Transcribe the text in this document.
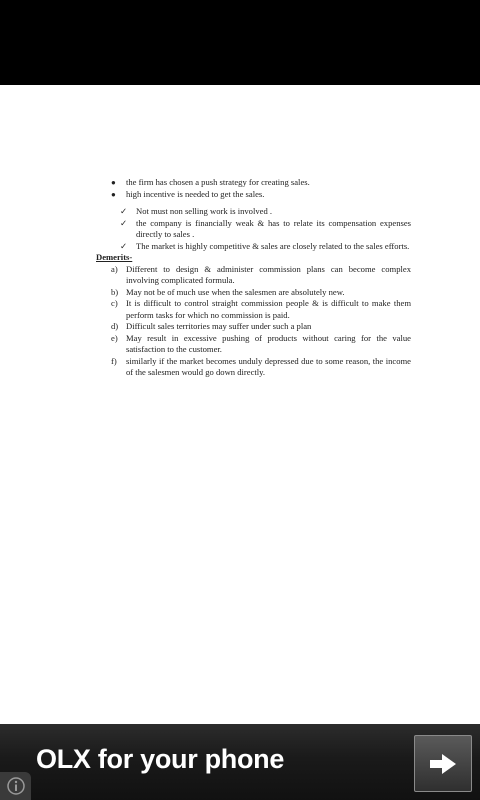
● the firm has chosen a push strategy for creating sales.
● high incentive is needed to get the sales.
✓ Not must non selling work is involved .
✓ the company is financially weak & has to relate its compensation expenses directly to sales .
✓ The market is highly competitive & sales are closely related to the sales efforts.
Demerits-
a) Different to design & administer commission plans can become complex involving complicated formula.
b) May not be of much use when the salesmen are absolutely new.
c) It is difficult to control straight commission people & is difficult to make them perform tasks for which no commission is paid.
d) Difficult sales territories may suffer under such a plan
e) May result in excessive pushing of products without caring for the value satisfaction to the customer.
f) similarly if the market becomes unduly depressed due to some reason, the income of the salesmen would go down directly.
OLX for your phone
